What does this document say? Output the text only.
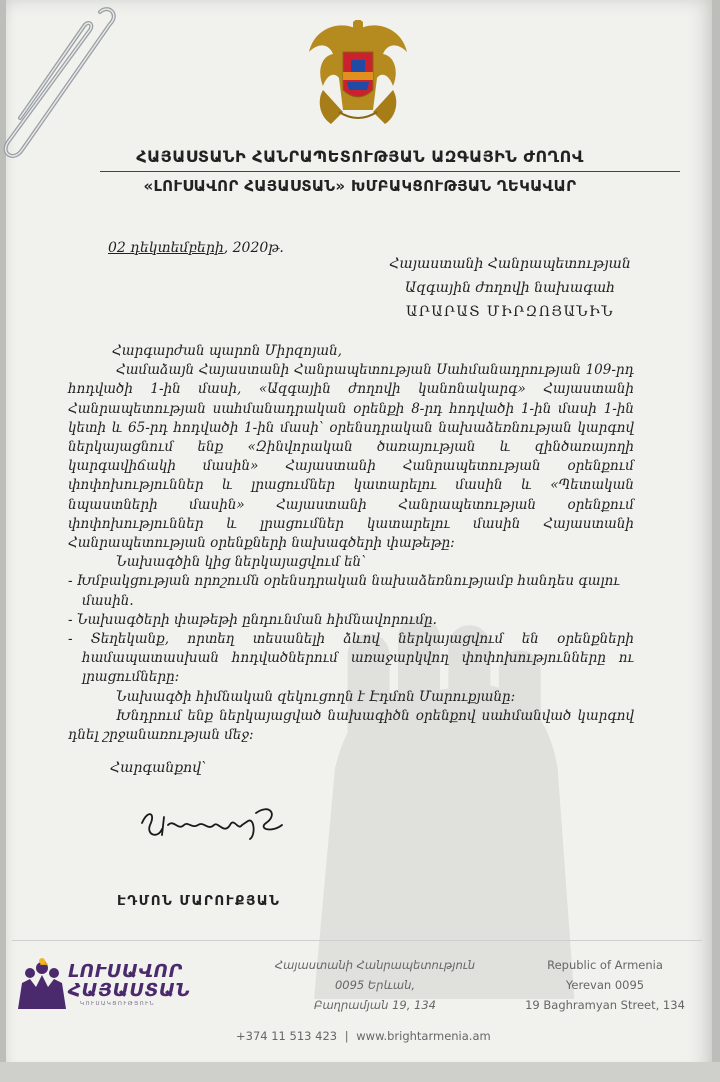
ՀԱՅԱՍՏԱՆԻ ՀԱՆՐԱՊԵՏՈՒԹՅԱՆ ԱԶԳԱՅԻՆ ԺՈՂՈՎ
«ԼՈՒՍԱՎՈՐ ՀԱՅԱՍՏԱՆ» ԽՄԲԱԿՑՈՒԹՅԱՆ ՂԵԿԱՎԱՐ
02 դեկտեմբերի, 2020թ.
Հայաստանի Հանրապետության
Ազգային ժողովի նախագահ
ԱՐԱՐԱՏ ՄԻՐԶՈՅԱՆԻՆ

Հարգարժան պարոն Միրզոյան,

Համաձայն Հայաստանի Հանրապետության Սահմանադրության 109-րդ հոդվածի 1-ին մասի, «Ազգային ժողովի կանոնակարգ» Հայաստանի Հանրապետության սահմանադրական օրենքի 8-րդ հոդվածի 1-ին մասի 1-ին կետի և 65-րդ հոդվածի 1-ին մասի՝ օրենսդրական նախաձեռնության կարգով ներկայացնում ենք «Զինվորական ծառայության և զինծառայողի կարգավիճակի մասին» Հայաստանի Հանրապետության օրենքում փոփոխություններ և լրացումներ կատարելու մասին և «Պետական նպաստների մասին» Հայաստանի Հանրապետության օրենքում փոփոխություններ և լրացումներ կատարելու մասին Հայաստանի Հանրապետության օրենքների նախագծերի փաթեթը:

Նախագծին կից ներկայացվում են՝

- Խմբակցության որոշումն օրենսդրական նախաձեռնությամբ հանդես գալու մասին.

- Նախագծերի փաթեթի ընդունման հիմնավորումը.

- Տեղեկանք, որտեղ տեսանելի ձևով ներկայացվում են օրենքների համապատասխան հոդվածներում առաջարկվող փոփոխությունները ու լրացումները:

Նախագծի հիմնական զեկուցողն է Էդմոն Մարուքյանը:

Խնդրում ենք ներկայացված նախագիծն օրենքով սահմանված կարգով դնել շրջանառության մեջ:

Հարգանքով՝
ԷԴՄՈՆ ՄԱՐՈՒՔՅԱՆ
ԼՈՒՍԱՎՈՐ
ՀԱՅԱՍՏԱՆ
ԿՈՒՍԱԿՑՈՒԹՅՈՒՆ
Հայաստանի Հանրապետություն
0095 Երևան,
Բաղրամյան 19, 134
Republic of Armenia
Yerevan 0095
19 Baghramyan Street, 134
+374 11 513 423 | www.brightarmenia.am
